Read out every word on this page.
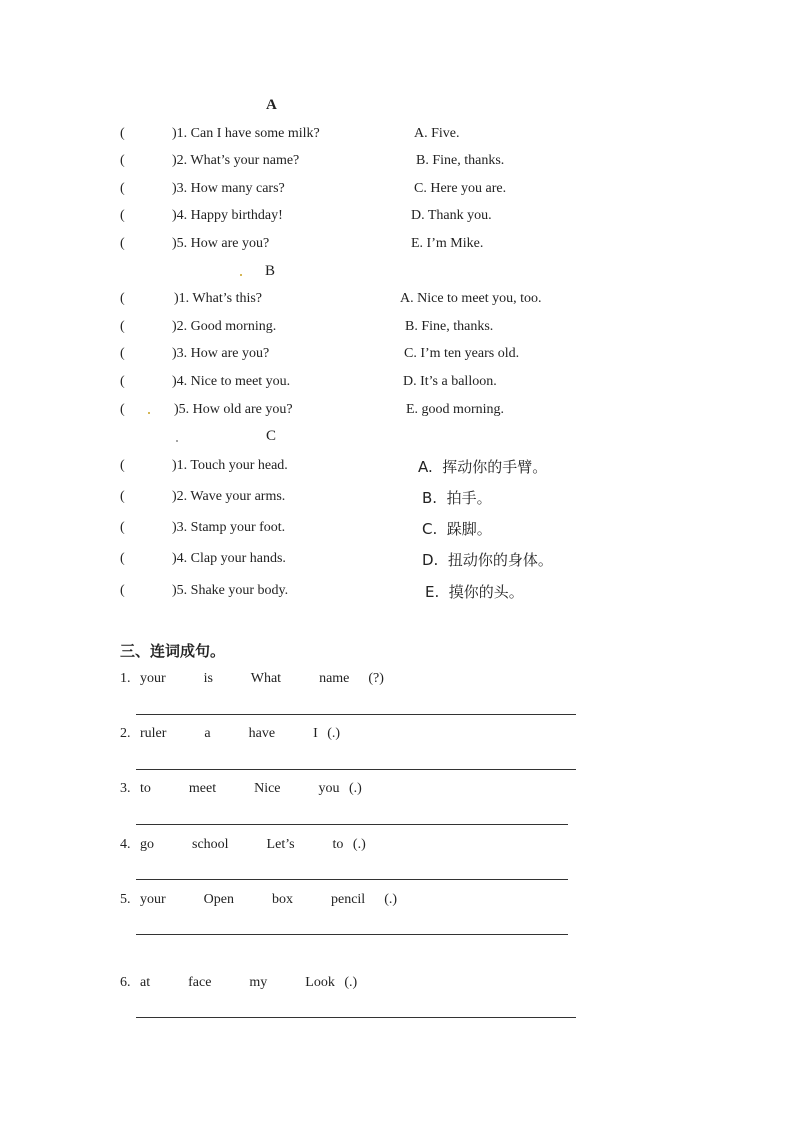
A
(	)1. Can I have some milk?	A. Five.
(	)2. What’s your name?	B. Fine, thanks.
(	)3. How many cars?	C. Here you are.
(	)4. Happy birthday!	D. Thank you.
(	)5. How are you?	E. I’m Mike.
B
(	)1. What’s this?	A. Nice to meet you, too.
(	)2. Good morning.	B. Fine, thanks.
(	)3. How are you?	C. I’m ten years old.
(	)4. Nice to meet you.	D. It’s a balloon.
(	)5. How old are you?	E. good morning.
C
(	)1. Touch your head.	A.  挥动你的手臂。
(	)2. Wave your arms.	B.  拍手。
(	)3. Stamp your foot.	C.  跺脚。
(	)4. Clap your hands.	D.  扭动你的身体。
(	)5. Shake your body.	E.  摸你的头。
三、连词成句。
1. your    is    What    name  (?)
2. ruler    a    have    I (.)
3. to    meet    Nice    you (.)
4. go    school    Let’s    to (.)
5. your    Open    box    pencil  (.)
6. at    face    my    Look (.)
